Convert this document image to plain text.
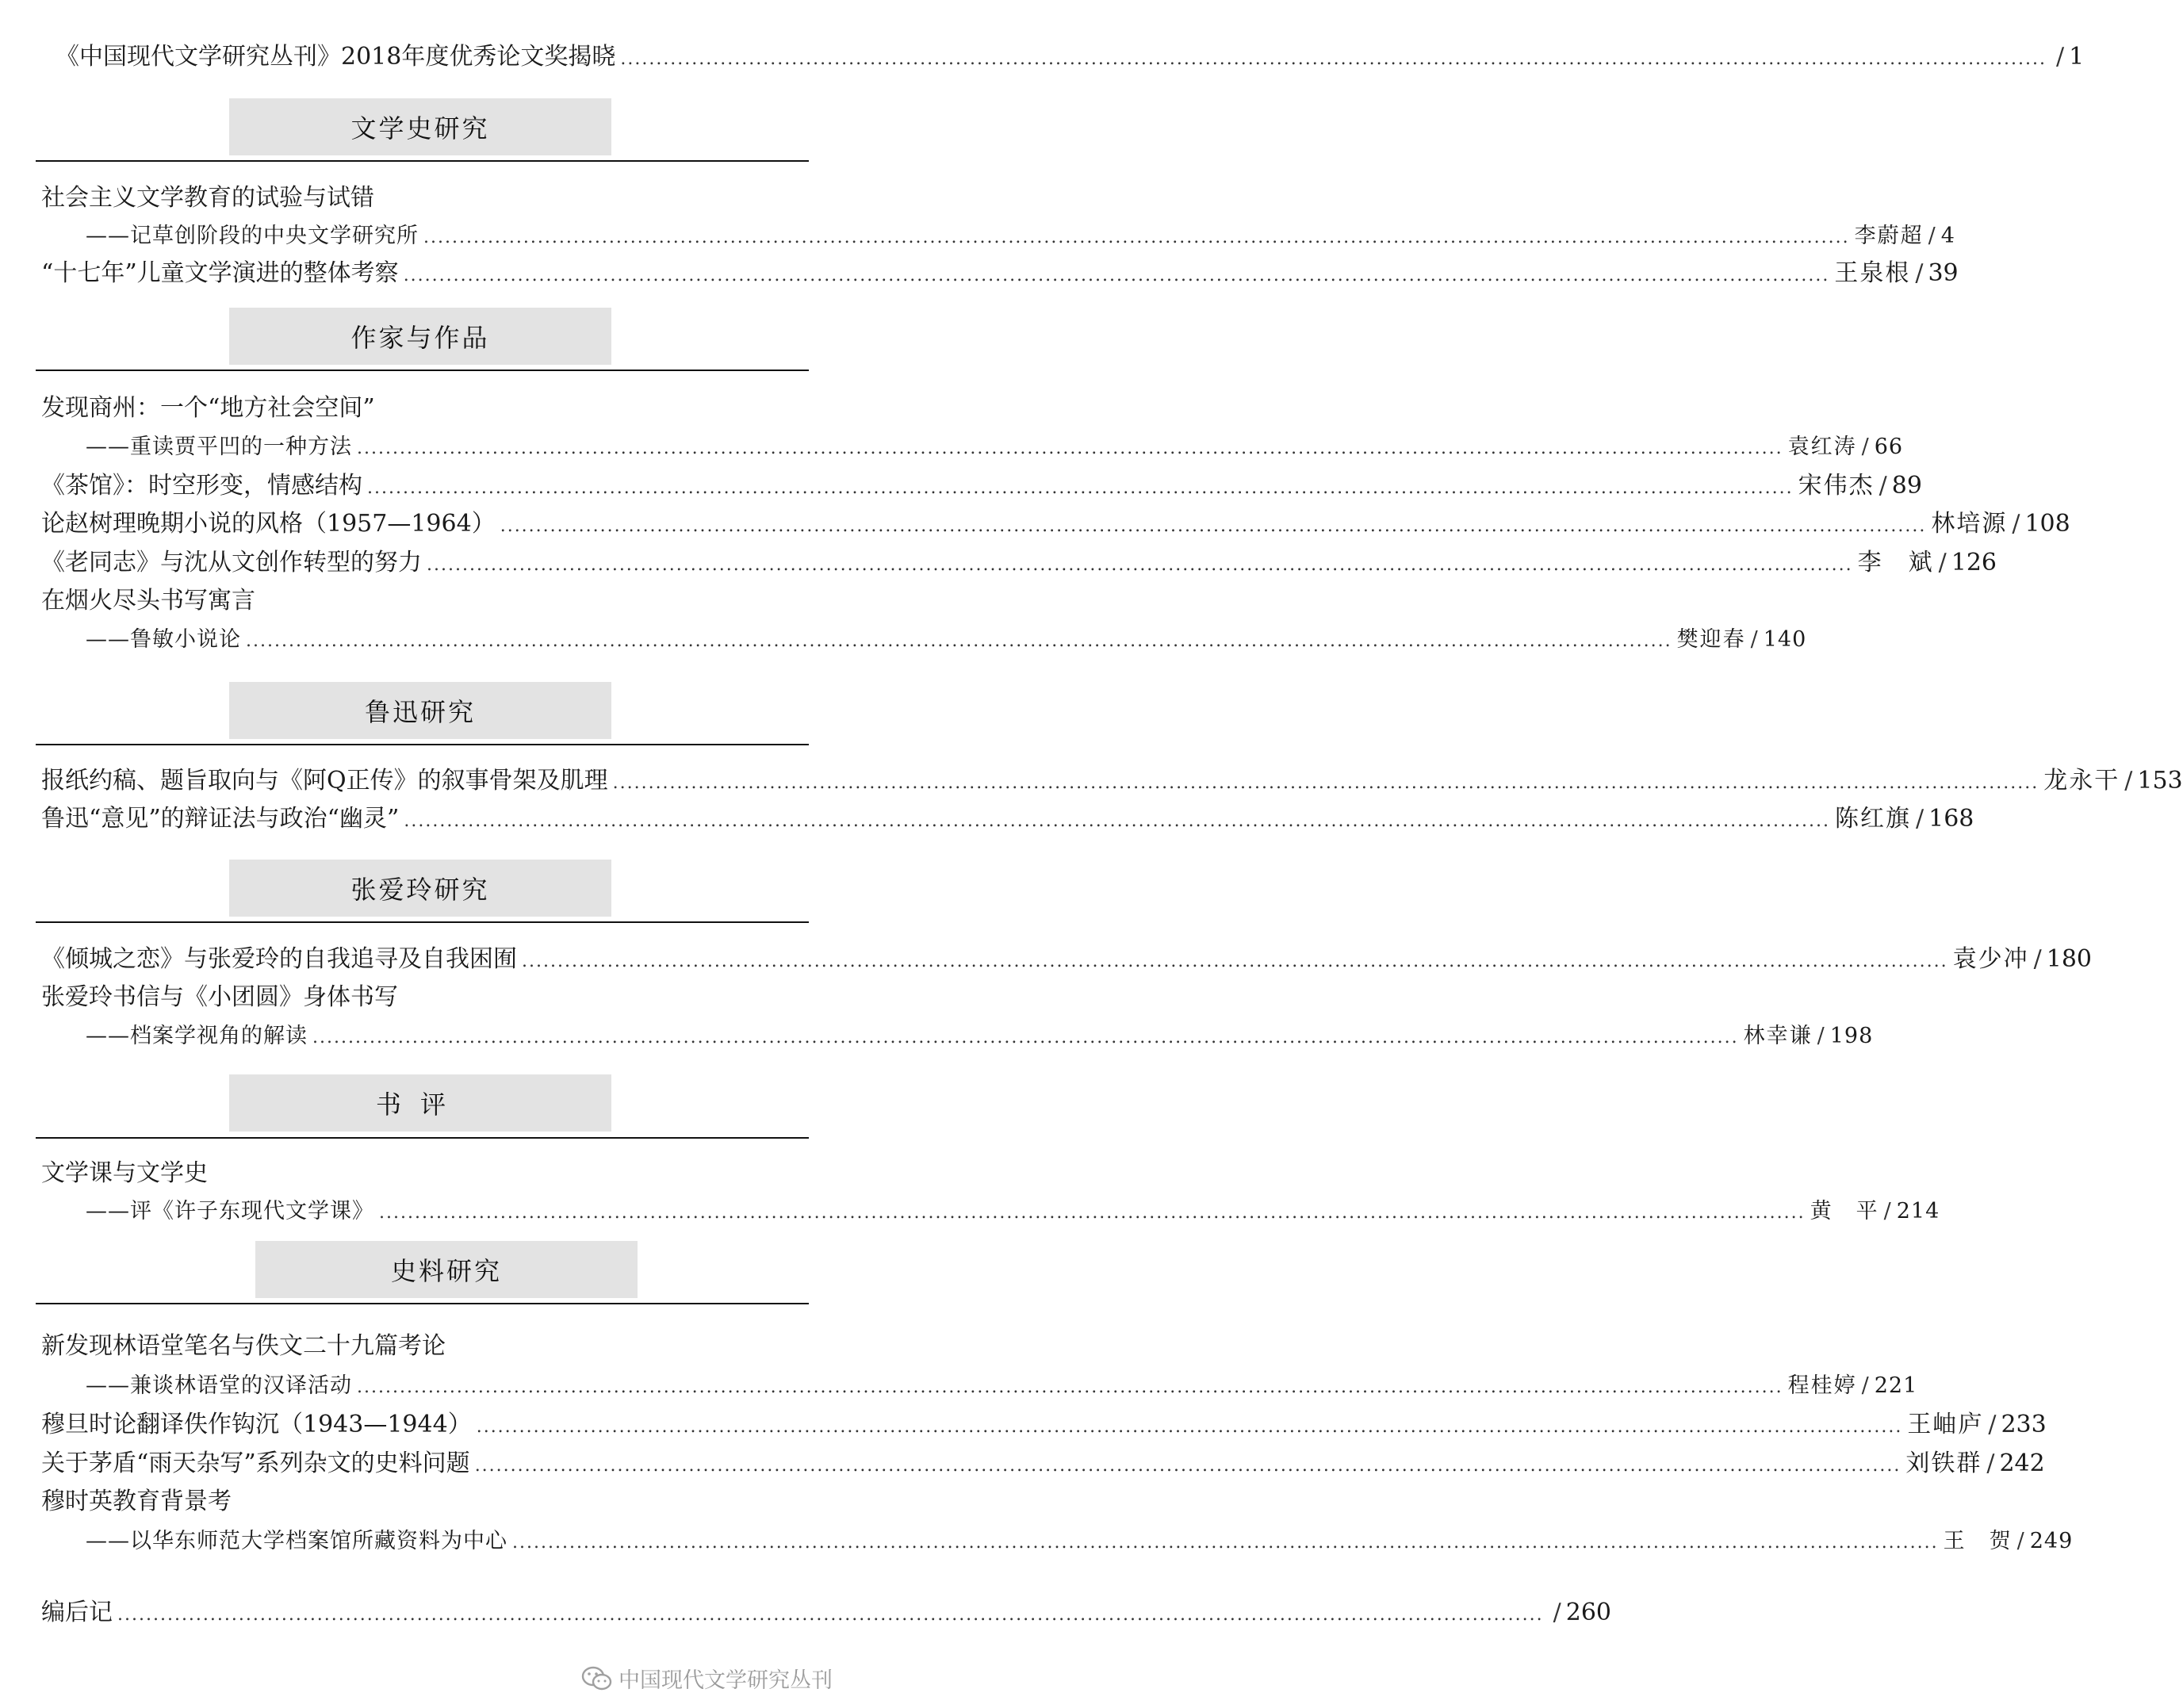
《中国现代文学研究丛刊》2018年度优秀论文奖揭晓 ........................................................................................................................................................................................................ / 1
文学史研究
社会主义文学教育的试验与试错
——记草创阶段的中央文学研究所 ........................................................................................................................................................................................................ 李蔚超 / 4
“十七年”儿童文学演进的整体考察 ........................................................................................................................................................................................................ 王泉根 / 39
作家与作品
发现商州：一个“地方社会空间”
——重读贾平凹的一种方法 ........................................................................................................................................................................................................ 袁红涛 / 66
《茶馆》：时空形变，情感结构 ........................................................................................................................................................................................................ 宋伟杰 / 89
论赵树理晚期小说的风格（1957—1964） ........................................................................................................................................................................................................ 林培源 / 108
《老同志》与沈从文创作转型的努力 ........................................................................................................................................................................................................ 李　斌 / 126
在烟火尽头书写寓言
——鲁敏小说论 ........................................................................................................................................................................................................ 樊迎春 / 140
鲁迅研究
报纸约稿、题旨取向与《阿Q正传》的叙事骨架及肌理 ........................................................................................................................................................................................................ 龙永干 / 153
鲁迅“意见”的辩证法与政治“幽灵” ........................................................................................................................................................................................................ 陈红旗 / 168
张爱玲研究
《倾城之恋》与张爱玲的自我追寻及自我困囿 ........................................................................................................................................................................................................ 袁少冲 / 180
张爱玲书信与《小团圆》身体书写
——档案学视角的解读 ........................................................................................................................................................................................................ 林幸谦 / 198
书评
文学课与文学史
——评《许子东现代文学课》 ........................................................................................................................................................................................................ 黄　平 / 214
史料研究
新发现林语堂笔名与佚文二十九篇考论
——兼谈林语堂的汉译活动 ........................................................................................................................................................................................................ 程桂婷 / 221
穆旦时论翻译佚作钩沉（1943—1944） ........................................................................................................................................................................................................ 王岫庐 / 233
关于茅盾“雨天杂写”系列杂文的史料问题 ........................................................................................................................................................................................................ 刘铁群 / 242
穆时英教育背景考
——以华东师范大学档案馆所藏资料为中心 ........................................................................................................................................................................................................ 王　贺 / 249
编后记 ........................................................................................................................................................................................................ / 260
中国现代文学研究丛刊
